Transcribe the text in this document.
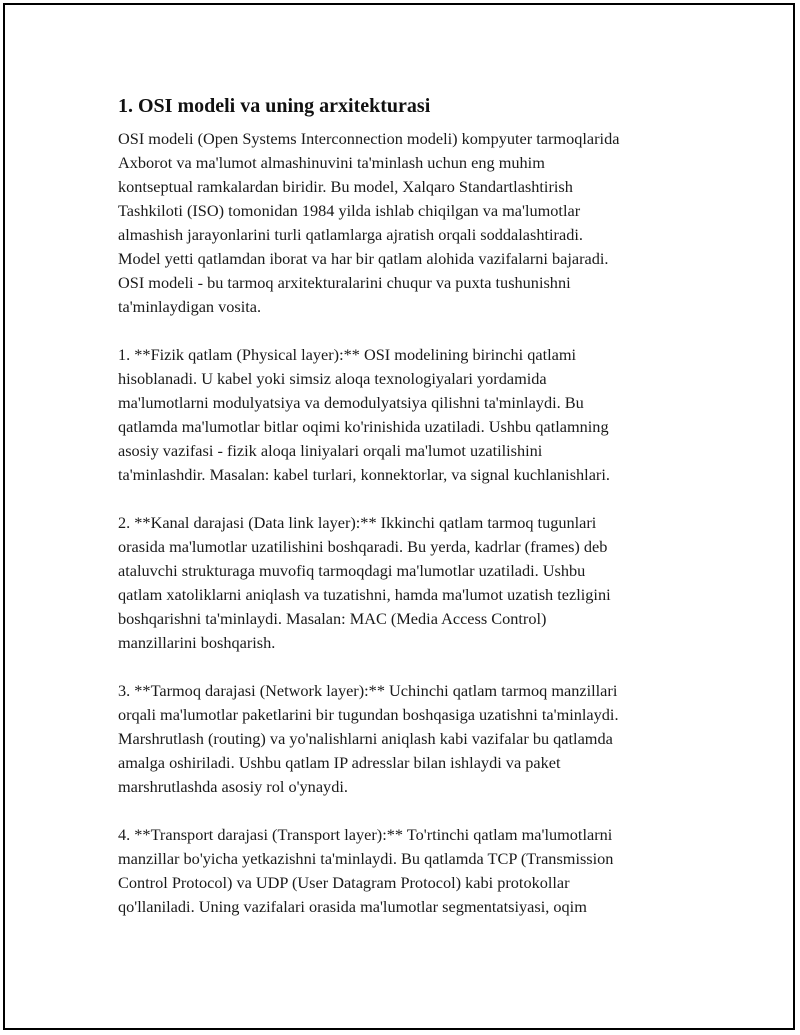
1. OSI modeli va uning arxitekturasi
OSI modeli (Open Systems Interconnection modeli) kompyuter tarmoqlarida
Axborot va ma'lumot almashinuvini ta'minlash uchun eng muhim
kontseptual ramkalardan biridir. Bu model, Xalqaro Standartlashtirish
Tashkiloti (ISO) tomonidan 1984 yilda ishlab chiqilgan va ma'lumotlar
almashish jarayonlarini turli qatlamlarga ajratish orqali soddalashtiradi.
Model yetti qatlamdan iborat va har bir qatlam alohida vazifalarni bajaradi.
OSI modeli - bu tarmoq arxitekturalarini chuqur va puxta tushunishni
ta'minlaydigan vosita.
1. **Fizik qatlam (Physical layer):** OSI modelining birinchi qatlami
hisoblanadi. U kabel yoki simsiz aloqa texnologiyalari yordamida
ma'lumotlarni modulyatsiya va demodulyatsiya qilishni ta'minlaydi. Bu
qatlamda ma'lumotlar bitlar oqimi ko'rinishida uzatiladi. Ushbu qatlamning
asosiy vazifasi - fizik aloqa liniyalari orqali ma'lumot uzatilishini
ta'minlashdir. Masalan: kabel turlari, konnektorlar, va signal kuchlanishlari.
2. **Kanal darajasi (Data link layer):** Ikkinchi qatlam tarmoq tugunlari
orasida ma'lumotlar uzatilishini boshqaradi. Bu yerda, kadrlar (frames) deb
ataluvchi strukturaga muvofiq tarmoqdagi ma'lumotlar uzatiladi. Ushbu
qatlam xatoliklarni aniqlash va tuzatishni, hamda ma'lumot uzatish tezligini
boshqarishni ta'minlaydi. Masalan: MAC (Media Access Control)
manzillarini boshqarish.
3. **Tarmoq darajasi (Network layer):** Uchinchi qatlam tarmoq manzillari
orqali ma'lumotlar paketlarini bir tugundan boshqasiga uzatishni ta'minlaydi.
Marshrutlash (routing) va yo'nalishlarni aniqlash kabi vazifalar bu qatlamda
amalga oshiriladi. Ushbu qatlam IP adresslar bilan ishlaydi va paket
marshrutlashda asosiy rol o'ynaydi.
4. **Transport darajasi (Transport layer):** To'rtinchi qatlam ma'lumotlarni
manzillar bo'yicha yetkazishni ta'minlaydi. Bu qatlamda TCP (Transmission
Control Protocol) va UDP (User Datagram Protocol) kabi protokollar
qo'llaniladi. Uning vazifalari orasida ma'lumotlar segmentatsiyasi, oqim
